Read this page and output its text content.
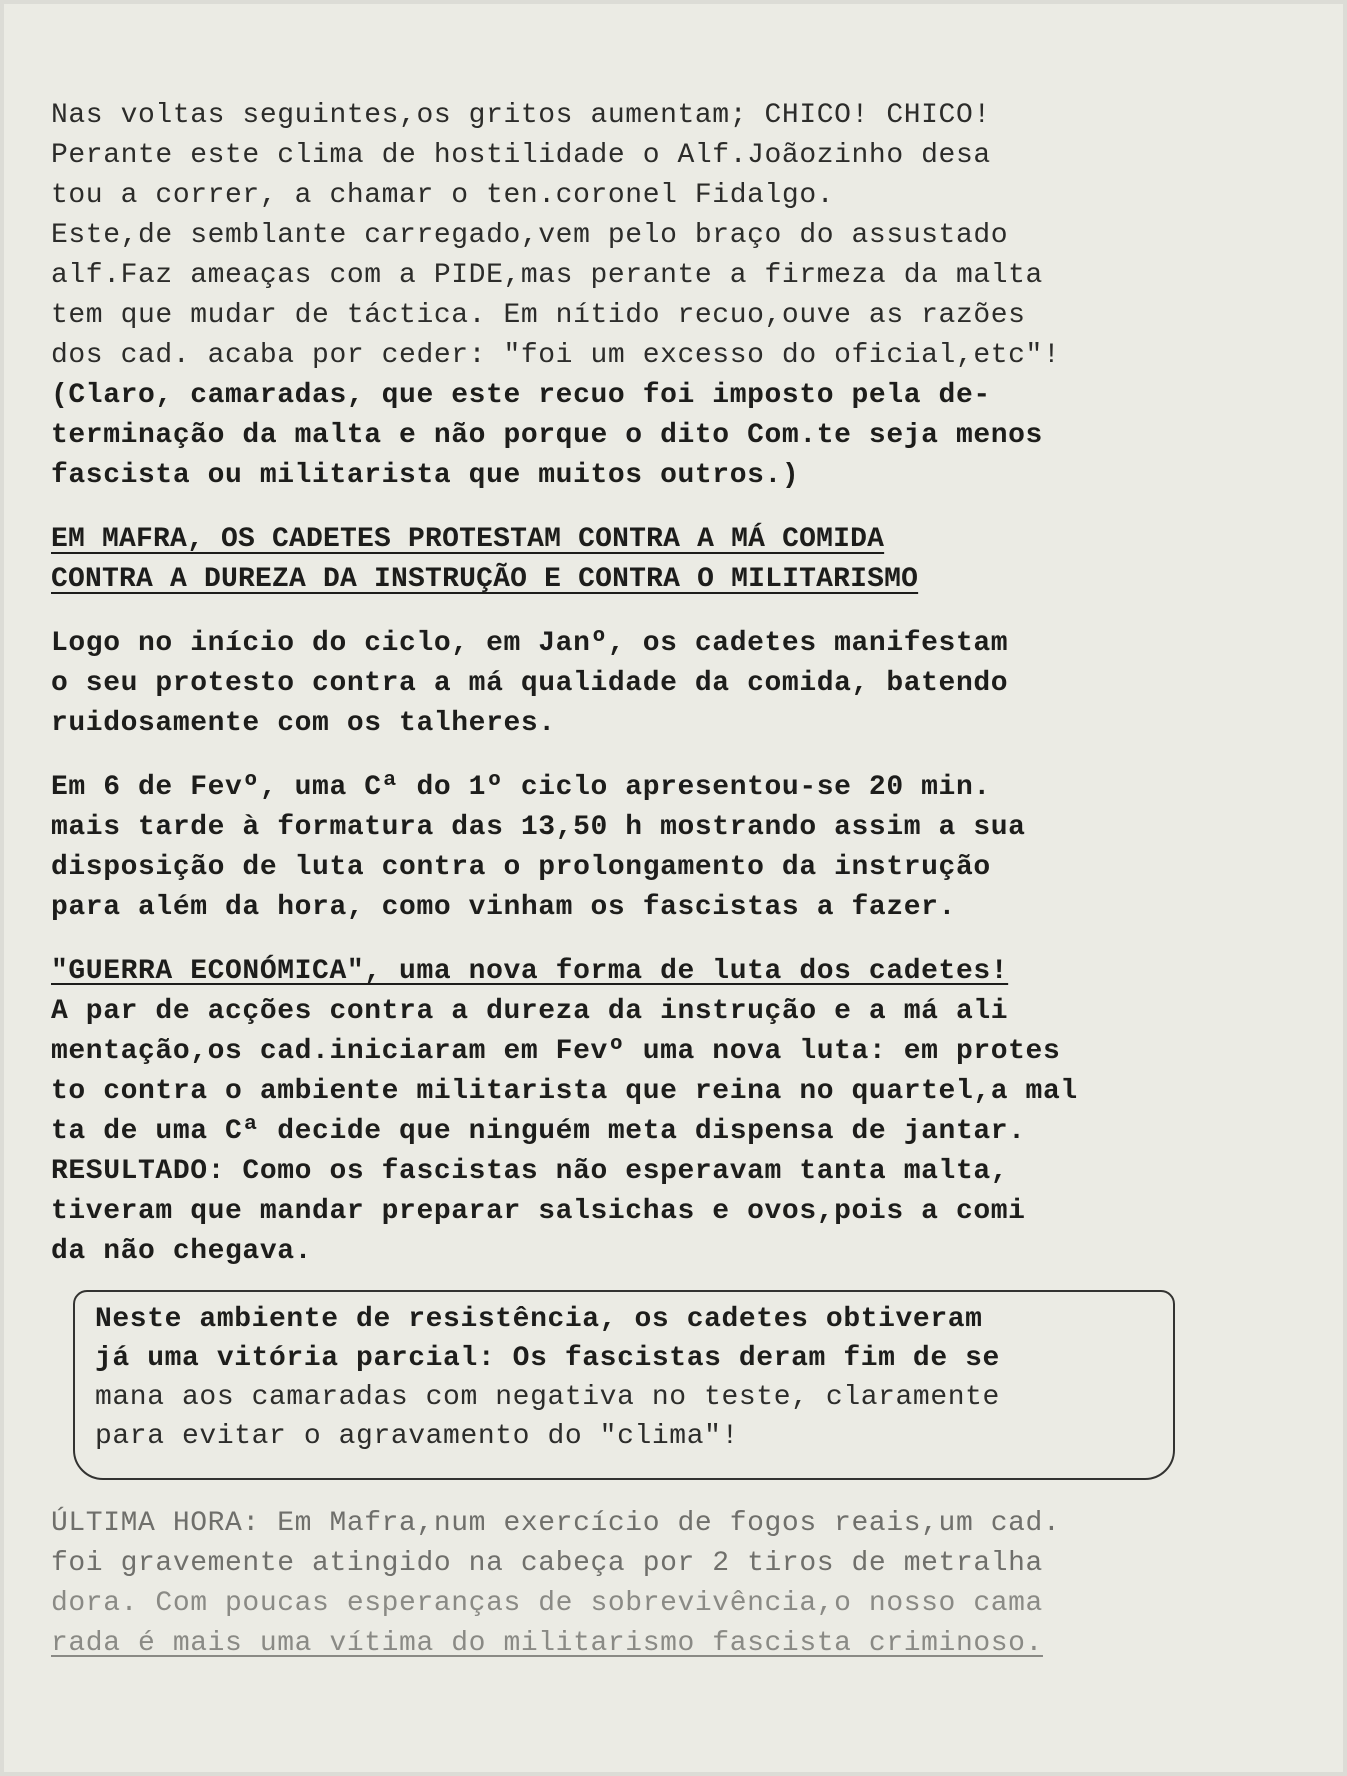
Nas voltas seguintes,os gritos aumentam; CHICO! CHICO!
Perante este clima de hostilidade o Alf.Joãozinho desa
tou a correr, a chamar o ten.coronel Fidalgo.
Este,de semblante carregado,vem pelo braço do assustado
alf.Faz ameaças com a PIDE,mas perante a firmeza da malta
tem que mudar de táctica. Em nítido recuo,ouve as razões
dos cad. acaba por ceder: "foi um excesso do oficial,etc"!
(Claro, camaradas, que este recuo foi imposto pela de-
terminação da malta e não porque o dito Com.te seja menos
fascista ou militarista que muitos outros.)
EM MAFRA, OS CADETES PROTESTAM CONTRA A MÁ COMIDA
CONTRA A DUREZA DA INSTRUÇÃO E CONTRA O MILITARISMO
Logo no início do ciclo, em Janº, os cadetes manifestam
o seu protesto contra a má qualidade da comida, batendo
ruidosamente com os talheres.
Em 6 de Fevº, uma Cª do 1º ciclo apresentou-se 20 min.
mais tarde à formatura das 13,50 h mostrando assim a sua
disposição de luta contra o prolongamento da instrução
para além da hora, como vinham os fascistas a fazer.
"GUERRA ECONÓMICA", uma nova forma de luta dos cadetes!
A par de acções contra a dureza da instrução e a má ali
mentação,os cad.iniciaram em Fevº uma nova luta: em protes
to contra o ambiente militarista que reina no quartel,a mal
ta de uma Cª decide que ninguém meta dispensa de jantar.
RESULTADO: Como os fascistas não esperavam tanta malta,
tiveram que mandar preparar salsichas e ovos,pois a comi
da não chegava.
Neste ambiente de resistência, os cadetes obtiveram
já uma vitória parcial: Os fascistas deram fim de se
mana aos camaradas com negativa no teste, claramente
para evitar o agravamento do "clima"!
ÚLTIMA HORA: Em Mafra,num exercício de fogos reais,um cad.
foi gravemente atingido na cabeça por 2 tiros de metralha
dora. Com poucas esperanças de sobrevivência,o nosso cama
rada é mais uma vítima do militarismo fascista criminoso.
